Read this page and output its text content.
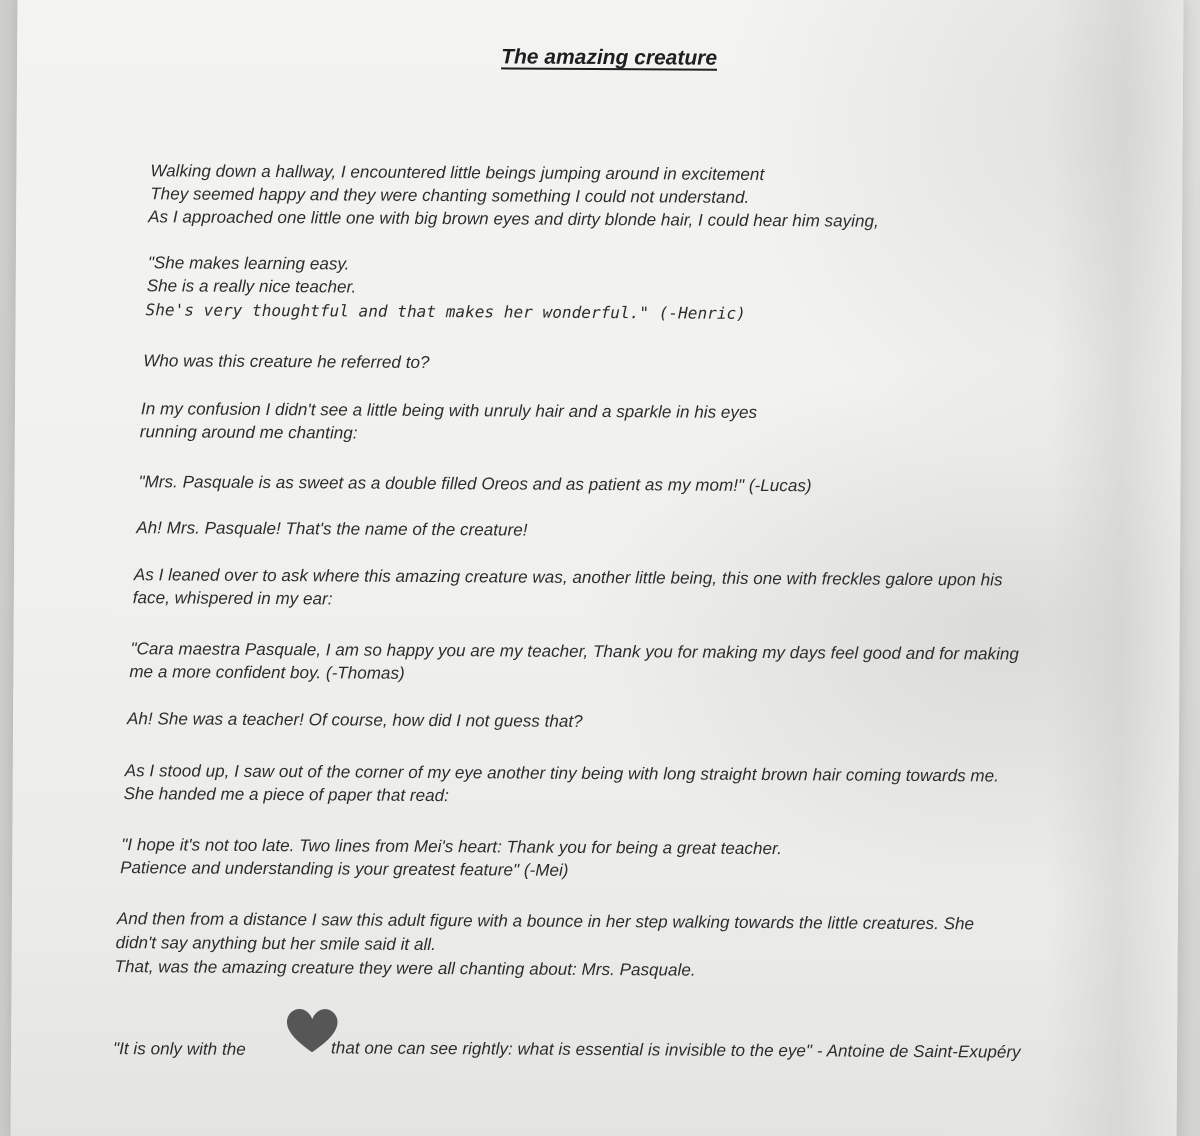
The amazing creature
Walking down a hallway, I encountered little beings jumping around in excitement
They seemed happy and they were chanting something I could not understand.
As I approached one little one with big brown eyes and dirty blonde hair, I could hear him saying,
"She makes learning easy.
She is a really nice teacher.
She's very thoughtful and that makes her wonderful." (-Henric)
Who was this creature he referred to?
In my confusion I didn't see a little being with unruly hair and a sparkle in his eyes
running around me chanting:
"Mrs. Pasquale is as sweet as a double filled Oreos and as patient as my mom!" (-Lucas)
Ah! Mrs. Pasquale! That's the name of the creature!
As I leaned over to ask where this amazing creature was, another little being, this one with freckles galore upon his
face, whispered in my ear:
"Cara maestra Pasquale, I am so happy you are my teacher, Thank you for making my days feel good and for making
me a more confident boy. (-Thomas)
Ah! She was a teacher! Of course, how did I not guess that?
As I stood up, I saw out of the corner of my eye another tiny being with long straight brown hair coming towards me.
She handed me a piece of paper that read:
"I hope it's not too late. Two lines from Mei's heart: Thank you for being a great teacher.
Patience and understanding is your greatest feature" (-Mei)
And then from a distance I saw this adult figure with a bounce in her step walking towards the little creatures. She
didn't say anything but her smile said it all.
That, was the amazing creature they were all chanting about: Mrs. Pasquale.
"It is only with the	that one can see rightly: what is essential is invisible to the eye" - Antoine de Saint-Exupéry
